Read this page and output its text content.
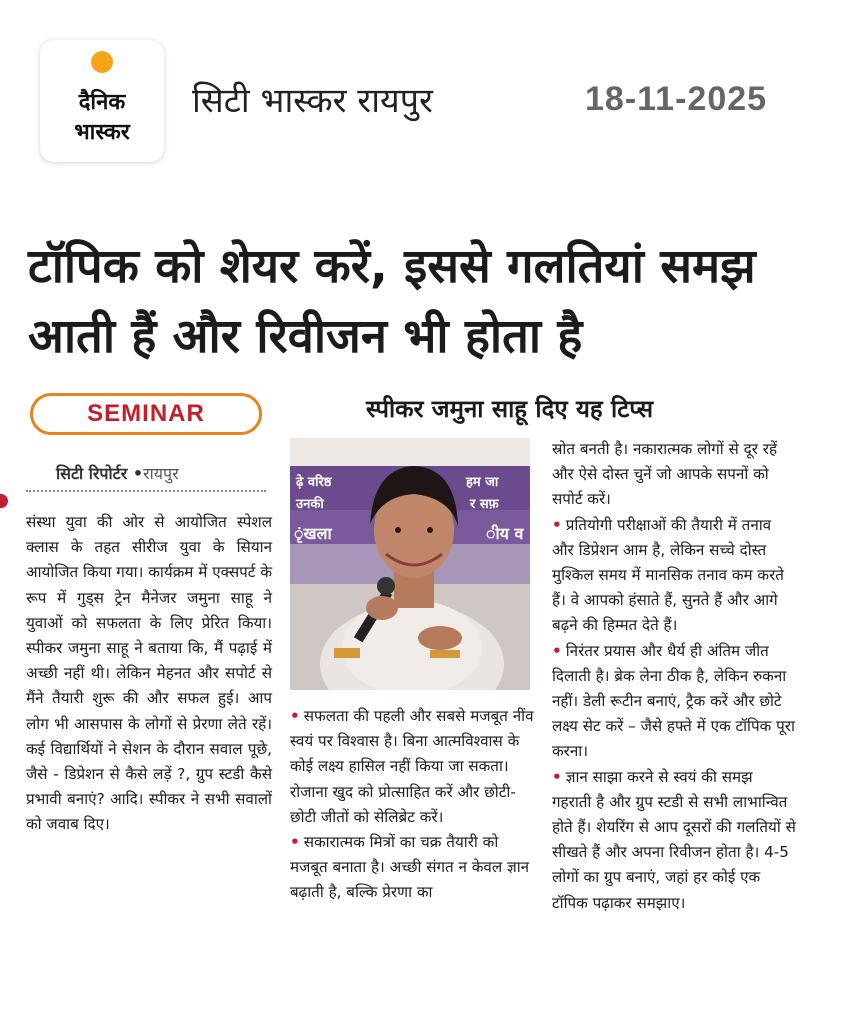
दैनिक
भास्कर
सिटी भास्कर रायपुर	18-11-2025
टॉपिक को शेयर करें, इससे गलतियां समझ आती हैं और रिवीजन भी होता है
SEMINAR	स्पीकर जमुना साहू दिए यह टिप्स
सिटी रिपोर्टर •रायपुर

संस्था युवा की ओर से आयोजित स्पेशल क्लास के तहत सीरीज युवा के सियान आयोजित किया गया। कार्यक्रम में एक्सपर्ट के रूप में गुड्स ट्रेन मैनेजर जमुना साहू ने युवाओं को सफलता के लिए प्रेरित किया। स्पीकर जमुना साहू ने बताया कि, मैं पढ़ाई में अच्छी नहीं थी। लेकिन मेहनत और सपोर्ट से मैंने तैयारी शुरू की और सफल हुई। आप लोग भी आसपास के लोगों से प्रेरणा लेते रहें। कई विद्यार्थियों ने सेशन के दौरान सवाल पूछे, जैसे - डिप्रेशन से कैसे लड़ें ?, ग्रुप स्टडी कैसे प्रभावी बनाएं? आदि। स्पीकर ने सभी सवालों को जवाब दिए।

ढ़े वरिष्ठ	हम जा
उनकी	र सफ़
ृंखला	ीय व

• सफलता की पहली और सबसे मजबूत नींव स्वयं पर विश्वास है। बिना आत्मविश्वास के कोई लक्ष्य हासिल नहीं किया जा सकता। रोजाना खुद को प्रोत्साहित करें और छोटी-छोटी जीतों को सेलिब्रेट करें।

• सकारात्मक मित्रों का चक्र तैयारी को मजबूत बनाता है। अच्छी संगत न केवल ज्ञान बढ़ाती है, बल्कि प्रेरणा का

स्रोत बनती है। नकारात्मक लोगों से दूर रहें और ऐसे दोस्त चुनें जो आपके सपनों को सपोर्ट करें।

• प्रतियोगी परीक्षाओं की तैयारी में तनाव और डिप्रेशन आम है, लेकिन सच्चे दोस्त मुश्किल समय में मानसिक तनाव कम करते हैं। वे आपको हंसाते हैं, सुनते हैं और आगे बढ़ने की हिम्मत देते हैं।

• निरंतर प्रयास और धैर्य ही अंतिम जीत दिलाती है। ब्रेक लेना ठीक है, लेकिन रुकना नहीं। डेली रूटीन बनाएं, ट्रैक करें और छोटे लक्ष्य सेट करें – जैसे हफ्ते में एक टॉपिक पूरा करना।

• ज्ञान साझा करने से स्वयं की समझ गहराती है और ग्रुप स्टडी से सभी लाभान्वित होते हैं। शेयरिंग से आप दूसरों की गलतियों से सीखते हैं और अपना रिवीजन होता है। 4-5 लोगों का ग्रुप बनाएं, जहां हर कोई एक टॉपिक पढ़ाकर समझाए।
